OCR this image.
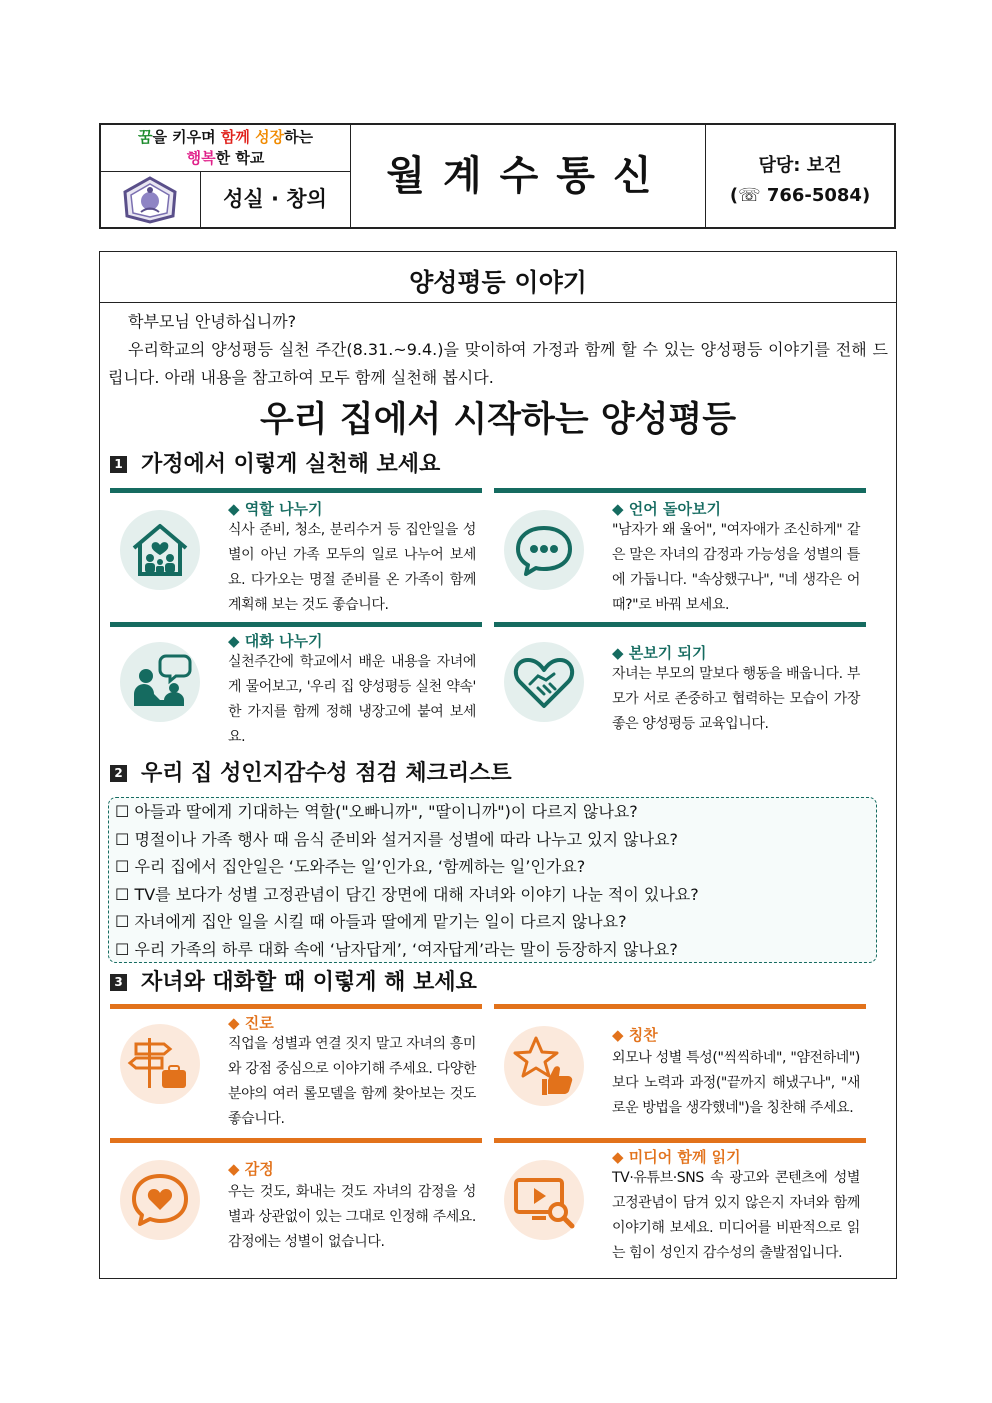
꿈을 키우며 함께 성장하는
행복한 학교
성실 · 창의	월계수통신	담당: 보건
(☏ 766-5084)
양성평등 이야기

학부모님 안녕하십니까?

우리학교의 양성평등 실천 주간(8.31.~9.4.)을 맞이하여 가정과 함께 할 수 있는 양성평등 이야기를 전해 드립니다. 아래 내용을 참고하여 모두 함께 실천해 봅시다.

우리 집에서 시작하는 양성평등
1 가정에서 이렇게 실천해 보세요
◆ 역할 나누기
식사 준비, 청소, 분리수거 등 집안일을 성별이 아닌 가족 모두의 일로 나누어 보세요. 다가오는 명절 준비를 온 가족이 함께 계획해 보는 것도 좋습니다.
◆ 언어 돌아보기
"남자가 왜 울어", "여자애가 조신하게" 같은 말은 자녀의 감정과 가능성을 성별의 틀에 가둡니다. "속상했구나", "네 생각은 어때?"로 바꿔 보세요.
◆ 대화 나누기
실천주간에 학교에서 배운 내용을 자녀에게 물어보고, '우리 집 양성평등 실천 약속' 한 가지를 함께 정해 냉장고에 붙여 보세요.
◆ 본보기 되기
자녀는 부모의 말보다 행동을 배웁니다. 부모가 서로 존중하고 협력하는 모습이 가장 좋은 양성평등 교육입니다.
2 우리 집 성인지감수성 점검 체크리스트
☐ 아들과 딸에게 기대하는 역할("오빠니까", "딸이니까")이 다르지 않나요?
☐ 명절이나 가족 행사 때 음식 준비와 설거지를 성별에 따라 나누고 있지 않나요?
☐ 우리 집에서 집안일은 ‘도와주는 일’인가요, ‘함께하는 일’인가요?
☐ TV를 보다가 성별 고정관념이 담긴 장면에 대해 자녀와 이야기 나눈 적이 있나요?
☐ 자녀에게 집안 일을 시킬 때 아들과 딸에게 맡기는 일이 다르지 않나요?
☐ 우리 가족의 하루 대화 속에 ‘남자답게’, ‘여자답게’라는 말이 등장하지 않나요?
3 자녀와 대화할 때 이렇게 해 보세요
◆ 진로
직업을 성별과 연결 짓지 말고 자녀의 흥미와 강점 중심으로 이야기해 주세요. 다양한 분야의 여러 롤모델을 함께 찾아보는 것도 좋습니다.
◆ 칭찬
외모나 성별 특성("씩씩하네", "얌전하네")보다 노력과 과정("끝까지 해냈구나", "새로운 방법을 생각했네")을 칭찬해 주세요.
◆ 감정
우는 것도, 화내는 것도 자녀의 감정을 성별과 상관없이 있는 그대로 인정해 주세요. 감정에는 성별이 없습니다.
◆ 미디어 함께 읽기
TV·유튜브·SNS 속 광고와 콘텐츠에 성별 고정관념이 담겨 있지 않은지 자녀와 함께 이야기해 보세요. 미디어를 비판적으로 읽는 힘이 성인지 감수성의 출발점입니다.
